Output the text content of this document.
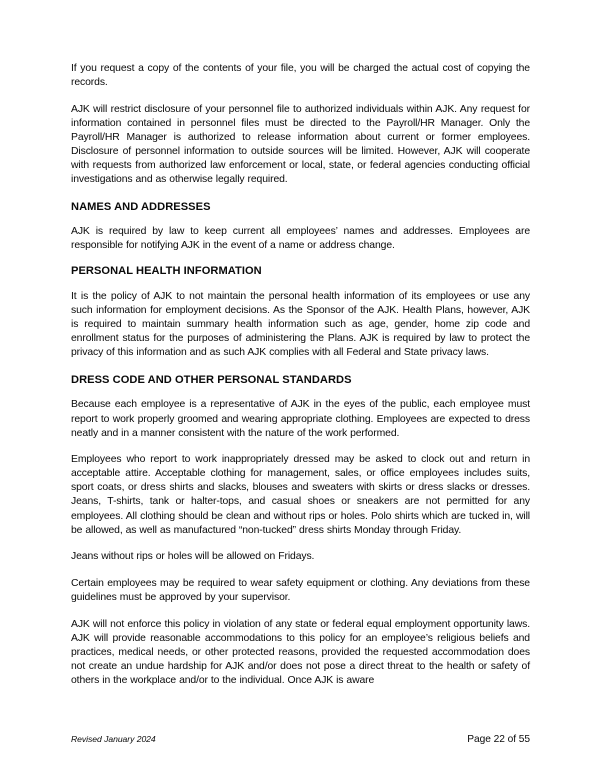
If you request a copy of the contents of your file, you will be charged the actual cost of copying the records.

AJK will restrict disclosure of your personnel file to authorized individuals within AJK. Any request for information contained in personnel files must be directed to the Payroll/HR Manager. Only the Payroll/HR Manager is authorized to release information about current or former employees. Disclosure of personnel information to outside sources will be limited. However, AJK will cooperate with requests from authorized law enforcement or local, state, or federal agencies conducting official investigations and as otherwise legally required.

NAMES AND ADDRESSES

AJK is required by law to keep current all employees’ names and addresses. Employees are responsible for notifying AJK in the event of a name or address change.

PERSONAL HEALTH INFORMATION

It is the policy of AJK to not maintain the personal health information of its employees or use any such information for employment decisions. As the Sponsor of the AJK. Health Plans, however, AJK is required to maintain summary health information such as age, gender, home zip code and enrollment status for the purposes of administering the Plans. AJK is required by law to protect the privacy of this information and as such AJK complies with all Federal and State privacy laws.

DRESS CODE AND OTHER PERSONAL STANDARDS

Because each employee is a representative of AJK in the eyes of the public, each employee must report to work properly groomed and wearing appropriate clothing. Employees are expected to dress neatly and in a manner consistent with the nature of the work performed.

Employees who report to work inappropriately dressed may be asked to clock out and return in acceptable attire. Acceptable clothing for management, sales, or office employees includes suits, sport coats, or dress shirts and slacks, blouses and sweaters with skirts or dress slacks or dresses. Jeans, T-shirts, tank or halter-tops, and casual shoes or sneakers are not permitted for any employees. All clothing should be clean and without rips or holes. Polo shirts which are tucked in, will be allowed, as well as manufactured “non-tucked” dress shirts Monday through Friday.

Jeans without rips or holes will be allowed on Fridays.

Certain employees may be required to wear safety equipment or clothing. Any deviations from these guidelines must be approved by your supervisor.

AJK will not enforce this policy in violation of any state or federal equal employment opportunity laws. AJK will provide reasonable accommodations to this policy for an employee’s religious beliefs and practices, medical needs, or other protected reasons, provided the requested accommodation does not create an undue hardship for AJK and/or does not pose a direct threat to the health or safety of others in the workplace and/or to the individual. Once AJK is aware

Revised January 2024	Page 22 of 55
